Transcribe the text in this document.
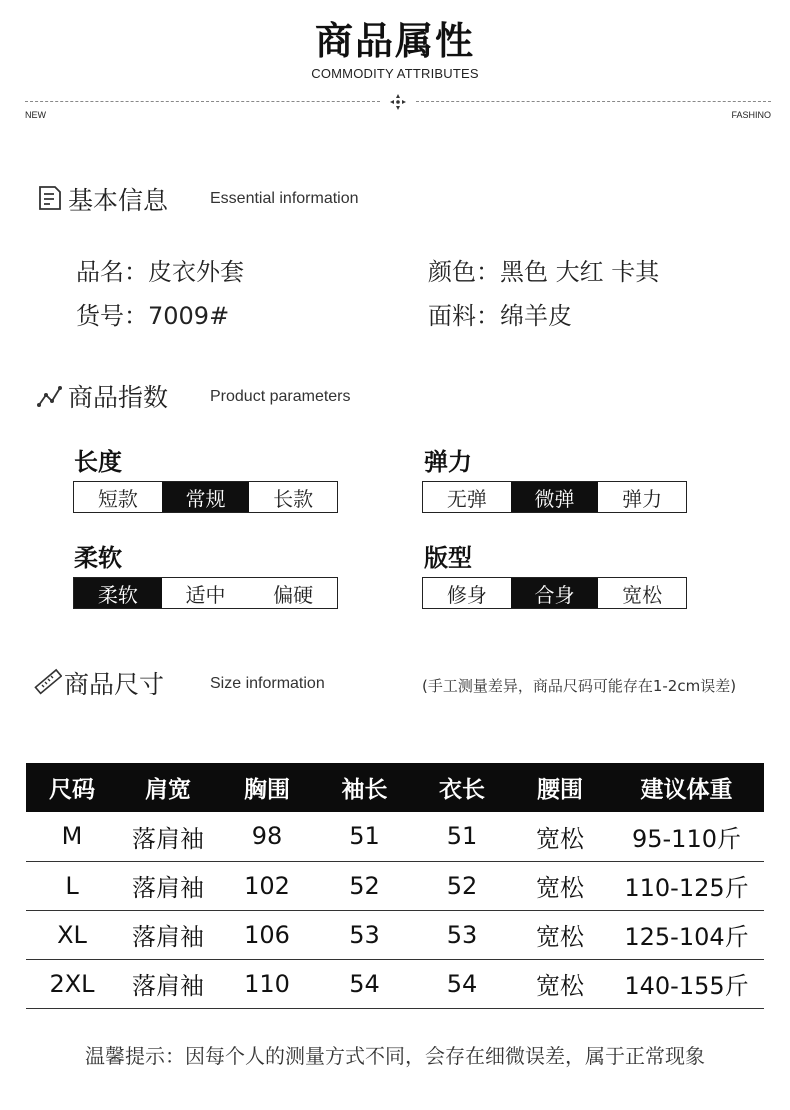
商品属性
COMMODITY ATTRIBUTES
NEW	FASHINO
基本信息	Essential information
品名：皮衣外套	颜色：黑色 大红 卡其
货号：7009#	面料：绵羊皮
商品指数	Product parameters
长度
短款	常规	长款
弹力
无弹	微弹	弹力
柔软
柔软	适中	偏硬
版型
修身	合身	宽松
商品尺寸	Size information	(手工测量差异，商品尺码可能存在1-2cm误差)
尺码	肩宽	胸围	袖长	衣长	腰围	建议体重
M	落肩袖	98	51	51	宽松	95-110斤
L	落肩袖	102	52	52	宽松	110-125斤
XL	落肩袖	106	53	53	宽松	125-104斤
2XL	落肩袖	110	54	54	宽松	140-155斤
温馨提示：因每个人的测量方式不同，会存在细微误差，属于正常现象
